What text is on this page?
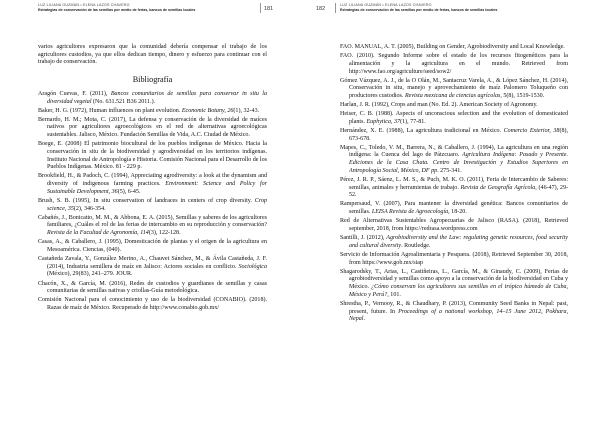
LUZ LILIANA GUZMÁN • ELENA LAZOS CHAVERO
Estrategias de conservación de las semillas por medio de ferias, bancos de semillas locales	181

varios agricultores expresaron que la comunidad debería compensar el trabajo de los agricultores custodios, ya que ellos dedican tiempo, dinero y esfuerzo para continuar con el trabajo de conservación.

Bibliografía

Aragón Cuevas, F. (2011), Bancos comunitarios de semillas para conservar in situ la diversidad vegetal (No. 631.521 B36 2011.).

Baker, H. G. (1972), Human influences on plant evolution. Economic Botany, 26(1), 32-43.

Bernardo, H. M.; Mota, C. (2017), La defensa y conservación de la diversidad de maíces nativos por agricultores agroecológicos en el red de alternativas agroecológicas sustentables. Jalisco, México. Fundación Semillas de Vida, A.C. Ciudad de México.

Boege, E. (2008) El patrimonio biocultural de los pueblos indígenas de México. Hacia la conservación in situ de la biodiversidad y agrodiversidad en los territorios indígenas. Instituto Nacional de Antropología e Historia. Comisión Nacional para el Desarrollo de los Pueblos Indígenas. México. 81 - 229 p.

Brookfield, H., & Padoch, C. (1994), Appreciating agrodiversity: a look at the dynamism and diversity of indigenous farming practices. Environment: Science and Policy for Sustainable Development, 36(5), 6-45.

Brush, S. B. (1995), In situ conservation of landraces in centers of crop diversity. Crop science, 35(2), 346-354.

Cabañés, J., Bonicatto, M. M., & Abbona, E. A. (2015), Semillas y saberes de los agricultores familiares, ¿Cuáles el rol de las ferias de intercambio en su reproducción y conservación? Revista de la Facultad de Agronomía, 114(3), 122-128.

Casas, A., & Caballero, J. (1995), Domesticación de plantas y el origen de la agricultura en Mesoamérica. Ciencias, (040).

Castañeda Zavala, Y., González Merino, A., Chauvet Sánchez, M., & Ávila Castañeda, J. F. (2014), Industria semillera de maíz en Jalisco: Actores sociales en conflicto. Sociológica (México), 29(83), 241–279. JOUR.

Chacón, X., & García, M. (2016), Redes de custodios y guardianes de semillas y casas comunitarias de semillas nativas y criollas-Guía metodológica.

Comisión Nacional para el conocimiento y uso de la biodiversidad (CONABIO). (2018). Razas de maíz de México. Recuperado de http://www.conabio.gob.mx/

182
LUZ LILIANA GUZMÁN • ELENA LAZOS CHAVERO
Estrategias de conservación de las semillas por medio de ferias, bancos de semillas locales

FAO. MANUAL, A. T. (2005), Building on Gender, Agrobiodiversity and Local Knowledge.

FAO. (2010). Segundo Informe sobre el estado de los recursos fitogenéticos para la alimentación y la agricultura en el mundo. Retrieved from http://www.fao.org/agriculture/seed/sow2/

Gómez Vázquez, A. J., de la O Olán, M., Santacruz Varela, A., & López Sánchez, H. (2014), Conservación in situ, manejo y aprovechamiento de maíz Palomero Toluqueño con productores custodios. Revista mexicana de ciencias agrícolas, 5(8), 1519-1530.

Harlan, J. R. (1992), Crops and man (No. Ed. 2). American Society of Agronomy.

Heiser, C. B. (1988). Aspects of unconscious selection and the evolution of domesticated plants. Euphytica, 37(1), 77-81.

Hernández, X. E. (1988), La agricultura tradicional en México. Comercio Exterior, 38(8), 673-678.

Mapes, C., Toledo, V. M., Barrera, N., & Caballero, J. (1994), La agricultura en una región indígena: la Cuenca del lago de Pátzcuaro. Agricultura Indígena: Pasado y Presente. Ediciones de la Casa Chata. Centro de Investigación y Estudios Superiores en Antropología Social, México, DF pp. 275-341.

Pérez, J. R. P., Sáenz, L. M. S., & Puch, M. K. O. (2011), Feria de Intercambio de Saberes: semillas, animales y herramientas de trabajo. Revista de Geografía Agrícola, (46-47), 29-52.

Rampersaud, V. (2007), Para mantener la diversidad genética: Bancos comunitarios de semillas. LEISA Revista de Agroecología, 18-20.

Red de Alternativas Sustentables Agropecuarias de Jalisco (RASA). (2018), Retrieved september, 2018, from https://redrasa.wordpress.com

Santilli, J. (2012), Agrobiodiversity and the Law: regulating genetic resources, food security and cultural diversity. Routledge.

Servicio de Información Agroalimentaria y Pesquera. (2018), Retrieved September 30, 2018, from https://www.gob.mx/siap

Shagarodsky, T., Arias, L., Castiñeiras, L., García, M., & Ginaudy, C. (2009), Ferias de agrobiodiversidad y semillas como apoyo a la conservación de la biodiversidad en Cuba y México. ¿Cómo conservan los agricultores sus semillas en el trópico húmedo de Cuba, México y Perú?, 101.

Shrestha, P., Vernooy, R., & Chaudhary, P. (2013), Community Seed Banks in Nepal: past, present, future. In Proceedings of a national workshop, 14–15 June 2012, Pokhara, Nepal.
